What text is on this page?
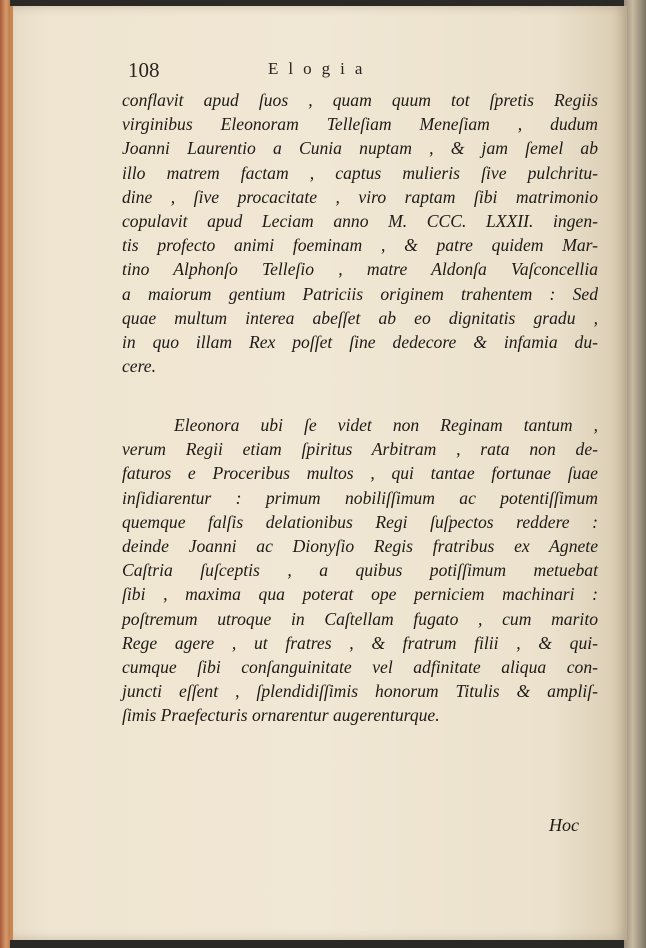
108	Elogia
conflavit apud ſuos , quam quum tot ſpretis Regiis
virginibus Eleonoram Telleſiam Meneſiam , dudum
Joanni Laurentio a Cunia nuptam , & jam ſemel ab
illo matrem factam , captus mulieris ſive pulchritu-
dine , ſive procacitate , viro raptam ſibi matrimonio
copulavit apud Leciam anno M. CCC. LXXII. ingen-
tis profecto animi foeminam , & patre quidem Mar-
tino Alphonſo Telleſio , matre Aldonſa Vaſconcellia
a maiorum gentium Patriciis originem trahentem : Sed
quae multum interea abeſſet ab eo dignitatis gradu ,
in quo illam Rex poſſet ſine dedecore & infamia du-
cere.
Eleonora ubi ſe videt non Reginam tantum ,
verum Regii etiam ſpiritus Arbitram , rata non de-
faturos e Proceribus multos , qui tantae fortunae ſuae
inſidiarentur : primum nobiliſſimum ac potentiſſimum
quemque falſis delationibus Regi ſuſpectos reddere :
deinde Joanni ac Dionyſio Regis fratribus ex Agnete
Caſtria ſuſceptis , a quibus potiſſimum metuebat
ſibi , maxima qua poterat ope perniciem machinari :
poſtremum utroque in Caſtellam fugato , cum marito
Rege agere , ut fratres , & fratrum filii , & qui-
cumque ſibi conſanguinitate vel adfinitate aliqua con-
juncti eſſent , ſplendidiſſimis honorum Titulis & ampliſ-
ſimis Praefecturis ornarentur augerenturque.
Hoc
